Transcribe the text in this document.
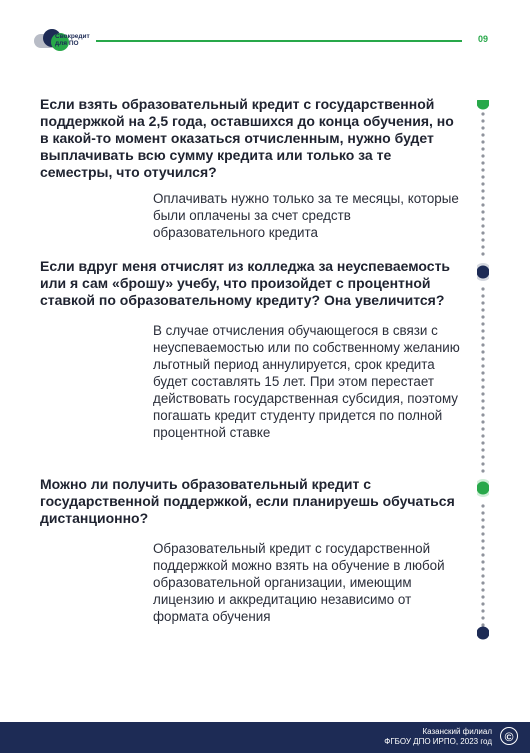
Свокредит
для ПО	09
Если взять образовательный кредит с государственной поддержкой на 2,5 года, оставшихся до конца обучения, но в какой-то момент оказаться отчисленным, нужно будет выплачивать всю сумму кредита или только за те семестры, что отучился?
Оплачивать нужно только за те месяцы, которые были оплачены за счет средств образовательного кредита
Если вдруг меня отчислят из колледжа за неуспеваемость или я сам «брошу» учебу, что произойдет с процентной ставкой по образовательному кредиту? Она увеличится?
В случае отчисления обучающегося в связи с неуспеваемостью или по собственному желанию льготный период аннулируется, срок кредита будет составлять 15 лет. При этом перестает действовать государственная субсидия, поэтому погашать кредит студенту придется по полной процентной ставке
Можно ли получить образовательный кредит с государственной поддержкой, если планируешь обучаться дистанционно?
Образовательный кредит с государственной поддержкой можно взять на обучение в любой образовательной организации, имеющим лицензию и аккредитацию независимо от формата обучения
Казанский филиал
ФГБОУ ДПО ИРПО, 2023 год	©
